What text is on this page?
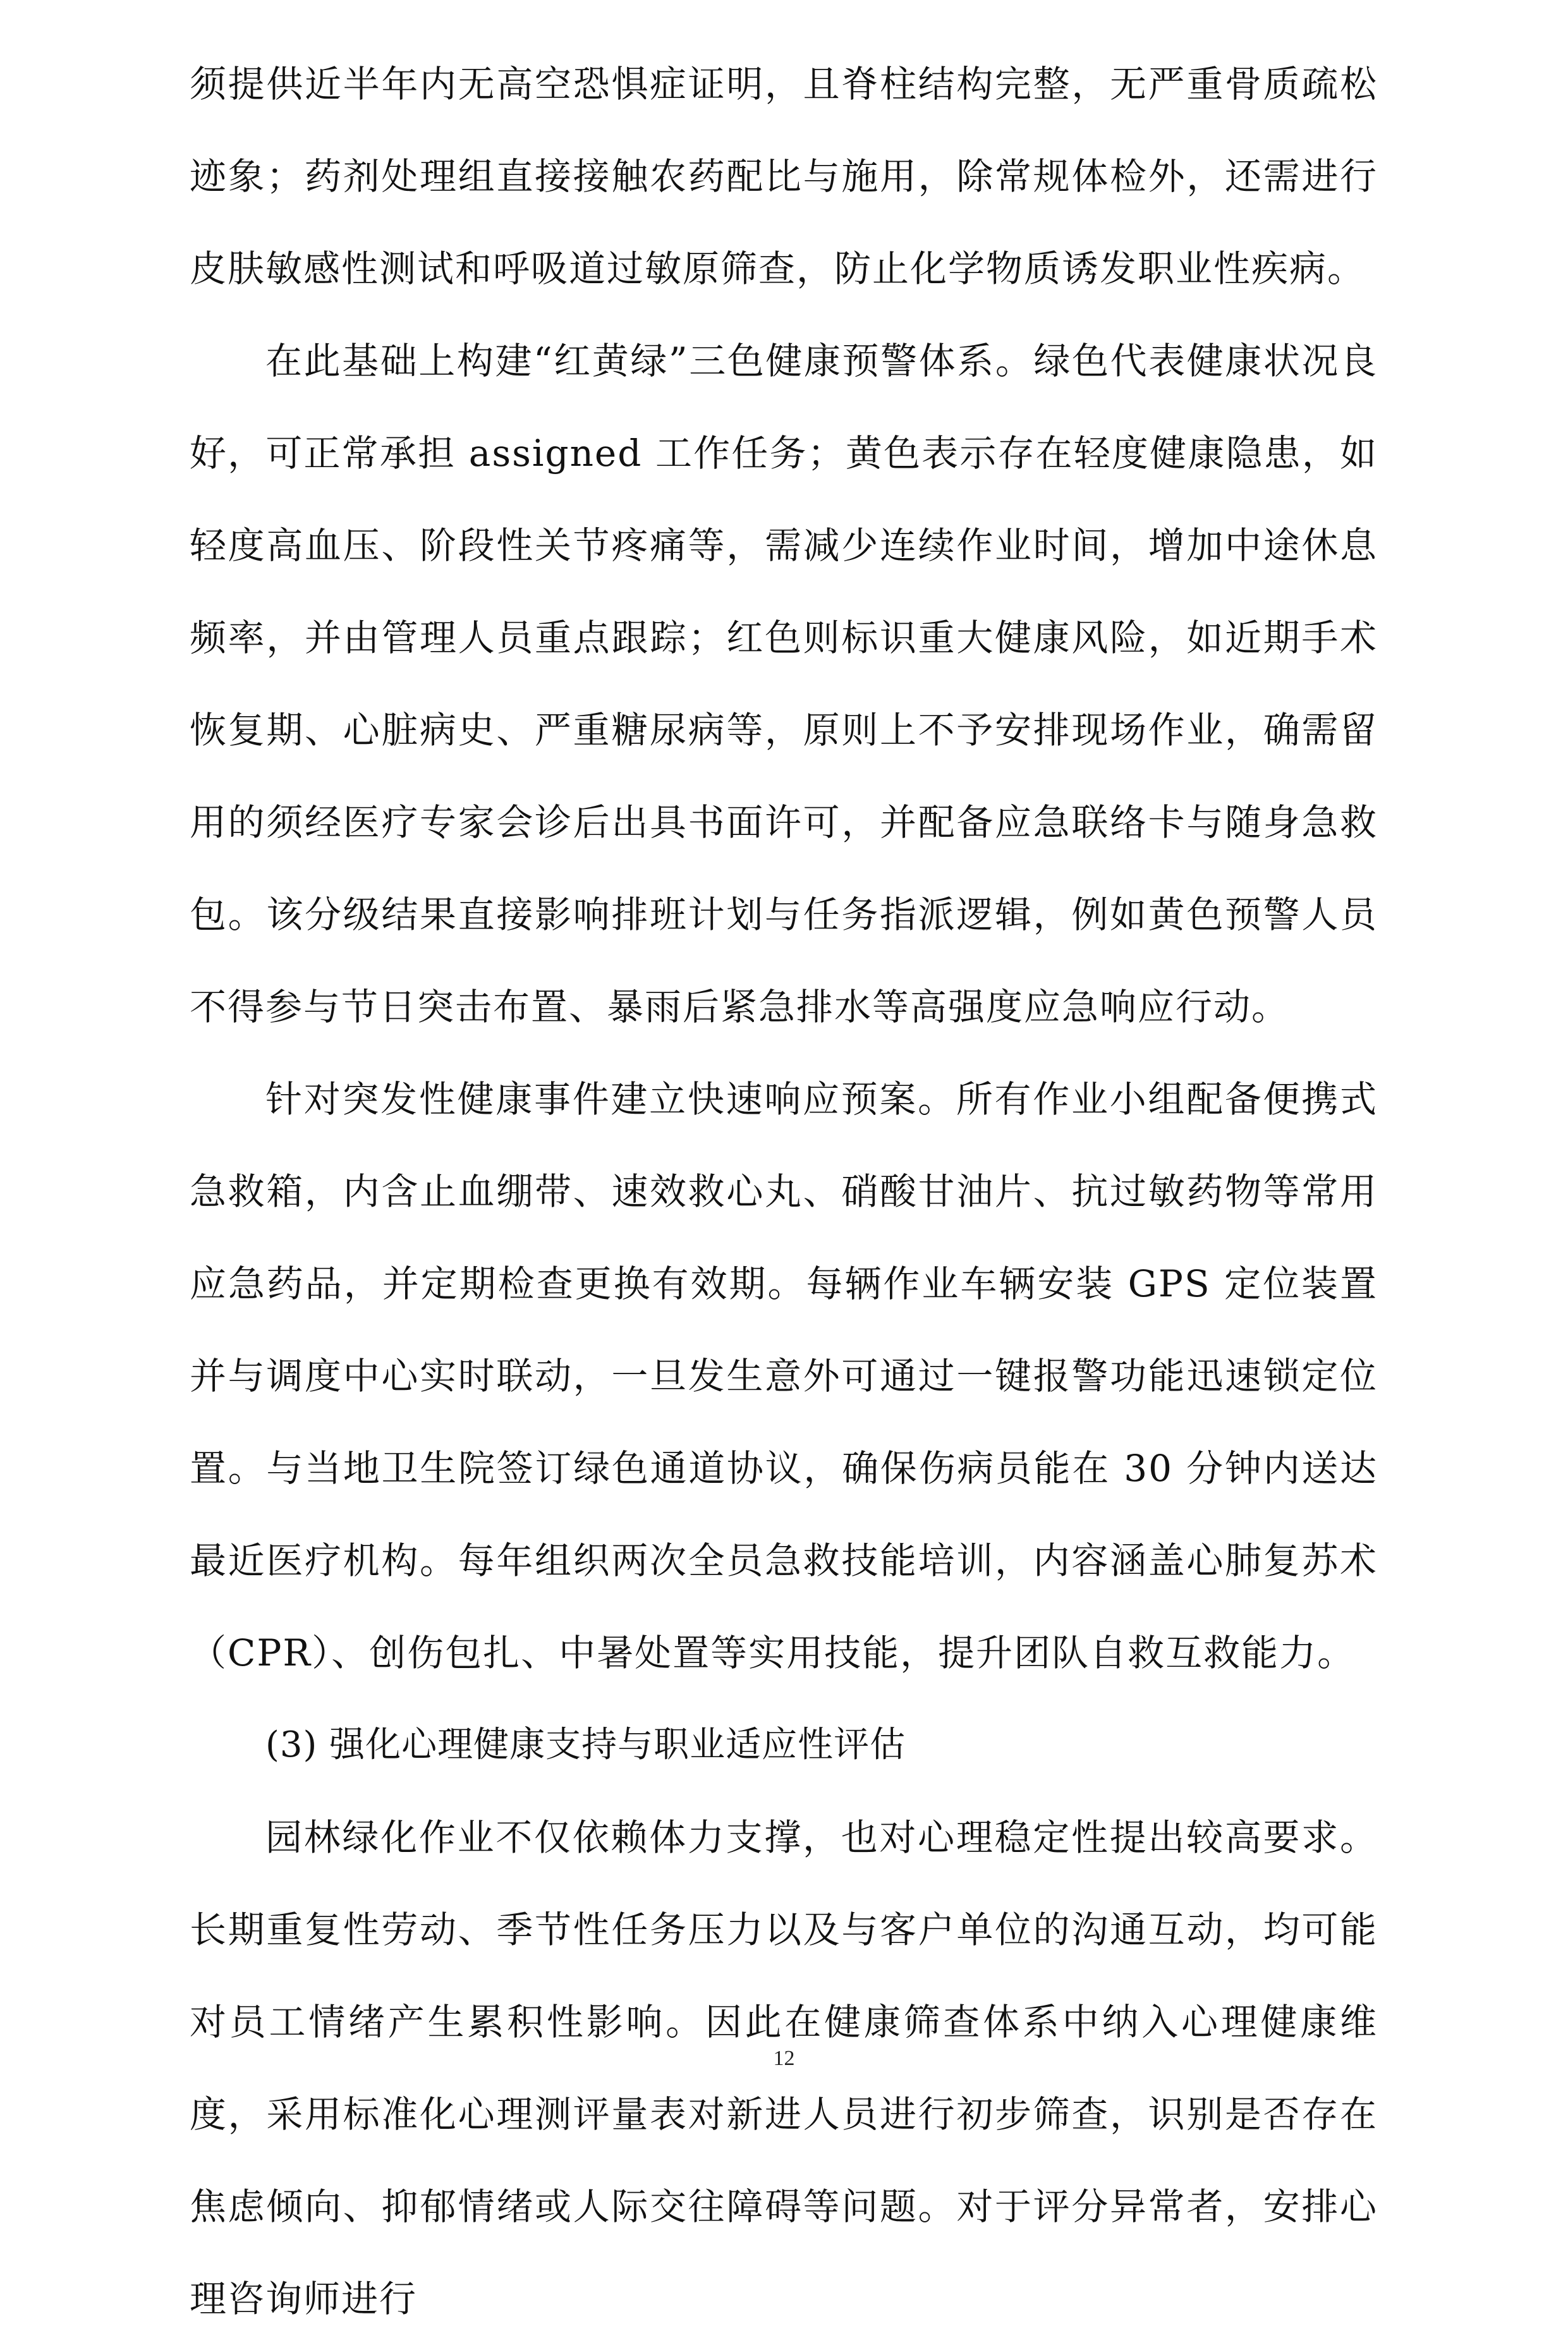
须提供近半年内无高空恐惧症证明，且脊柱结构完整，无严重骨质疏松迹象；药剂处理组直接接触农药配比与施用，除常规体检外，还需进行皮肤敏感性测试和呼吸道过敏原筛查，防止化学物质诱发职业性疾病。

在此基础上构建“红黄绿”三色健康预警体系。绿色代表健康状况良好，可正常承担 assigned 工作任务；黄色表示存在轻度健康隐患，如轻度高血压、阶段性关节疼痛等，需减少连续作业时间，增加中途休息频率，并由管理人员重点跟踪；红色则标识重大健康风险，如近期手术恢复期、心脏病史、严重糖尿病等，原则上不予安排现场作业，确需留用的须经医疗专家会诊后出具书面许可，并配备应急联络卡与随身急救包。该分级结果直接影响排班计划与任务指派逻辑，例如黄色预警人员不得参与节日突击布置、暴雨后紧急排水等高强度应急响应行动。

针对突发性健康事件建立快速响应预案。所有作业小组配备便携式急救箱，内含止血绷带、速效救心丸、硝酸甘油片、抗过敏药物等常用应急药品，并定期检查更换有效期。每辆作业车辆安装 GPS 定位装置并与调度中心实时联动，一旦发生意外可通过一键报警功能迅速锁定位置。与当地卫生院签订绿色通道协议，确保伤病员能在 30 分钟内送达最近医疗机构。每年组织两次全员急救技能培训，内容涵盖心肺复苏术（CPR）、创伤包扎、中暑处置等实用技能，提升团队自救互救能力。

(3) 强化心理健康支持与职业适应性评估

园林绿化作业不仅依赖体力支撑，也对心理稳定性提出较高要求。长期重复性劳动、季节性任务压力以及与客户单位的沟通互动，均可能对员工情绪产生累积性影响。因此在健康筛查体系中纳入心理健康维度，采用标准化心理测评量表对新进人员进行初步筛查，识别是否存在焦虑倾向、抑郁情绪或人际交往障碍等问题。对于评分异常者，安排心理咨询师进行

12
